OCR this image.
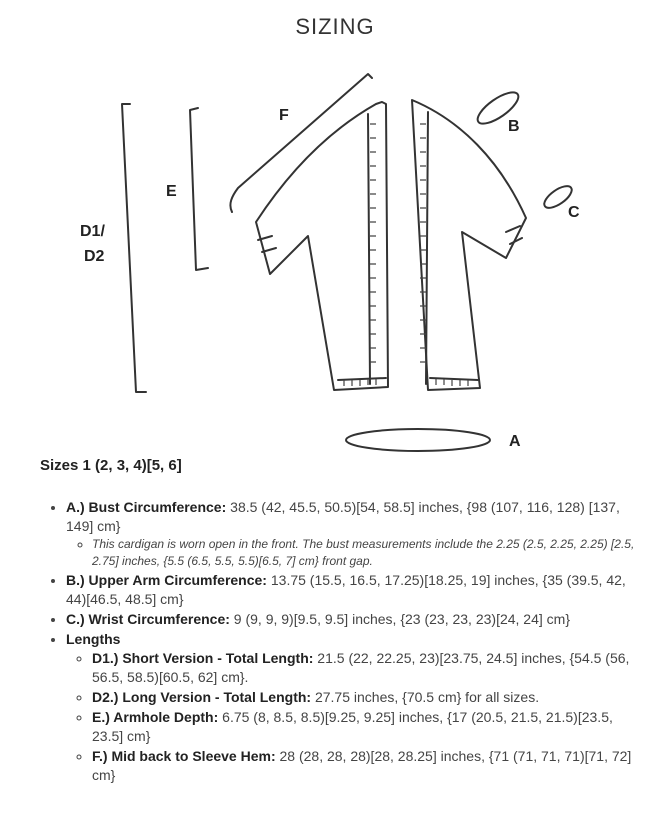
SIZING
F
B
C
E
D1/
D2
A
Sizes 1 (2, 3, 4)[5, 6]
• A.) Bust Circumference: 38.5 (42, 45.5, 50.5)[54, 58.5] inches, {98 (107, 116, 128) [137, 149] cm}
◦ This cardigan is worn open in the front. The bust measurements include the 2.25 (2.5, 2.25, 2.25) [2.5, 2.75] inches, {5.5 (6.5, 5.5, 5.5)[6.5, 7] cm} front gap.
• B.) Upper Arm Circumference: 13.75 (15.5, 16.5, 17.25)[18.25, 19] inches, {35 (39.5, 42, 44)[46.5, 48.5] cm}
• C.) Wrist Circumference: 9 (9, 9, 9)[9.5, 9.5] inches, {23 (23, 23, 23)[24, 24] cm}
• Lengths
◦ D1.) Short Version - Total Length: 21.5 (22, 22.25, 23)[23.75, 24.5] inches, {54.5 (56, 56.5, 58.5)[60.5, 62] cm}.
◦ D2.) Long Version - Total Length: 27.75 inches, {70.5 cm} for all sizes.
◦ E.) Armhole Depth: 6.75 (8, 8.5, 8.5)[9.25, 9.25] inches, {17 (20.5, 21.5, 21.5)[23.5, 23.5] cm}
◦ F.) Mid back to Sleeve Hem: 28 (28, 28, 28)[28, 28.25] inches, {71 (71, 71, 71)[71, 72] cm}
